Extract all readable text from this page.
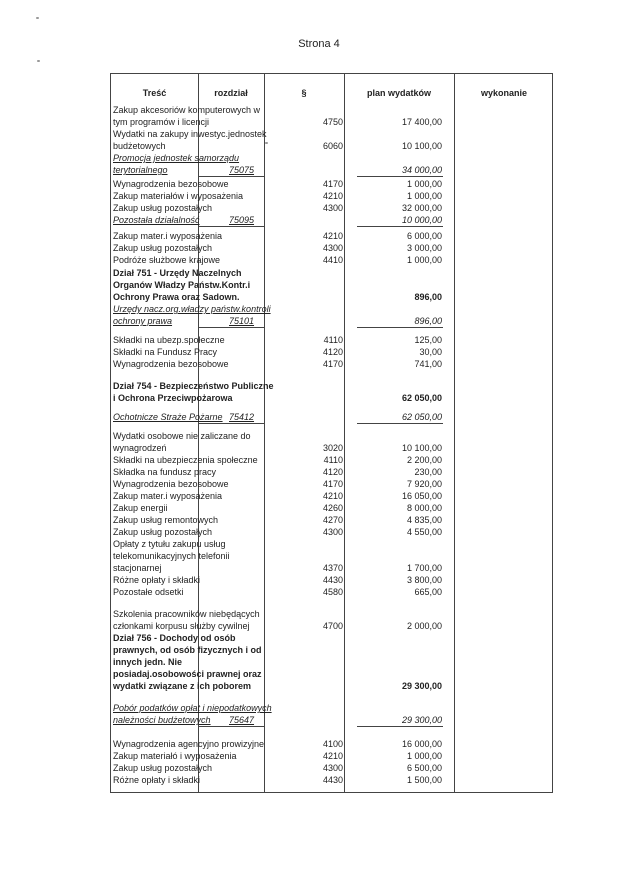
Strona 4
Treść	rozdział	§	plan wydatków	wykonanie
Zakup akcesoriów komputerowych w
tym programów i licencji	4750	17 400,00
Wydatki na zakupy inwestyc.jednostek
budżetowych	6060	10 100,00
Promocja jednostek samorządu
terytorialnego	75075	34 000,00
Wynagrodzenia bezosobowe	4170	1 000,00
Zakup materiałów i wyposażenia	4210	1 000,00
Zakup usług pozostałych	4300	32 000,00
Pozostała działalność	75095	10 000,00
Zakup mater.i wyposażenia	4210	6 000,00
Zakup usług pozostałych	4300	3 000,00
Podróże służbowe krajowe	4410	1 000,00
Dział 751 - Urzędy Naczelnych
Organów Władzy Państw.Kontr.i
Ochrony Prawa oraz Sadown.	896,00
Urzędy nacz.org.władzy państw.kontroli
ochrony prawa	75101	896,00
Składki na ubezp.społeczne	4110	125,00
Składki na Fundusz Pracy	4120	30,00
Wynagrodzenia bezosobowe	4170	741,00
Dział 754 - Bezpieczeństwo Publiczne
i Ochrona Przeciwpożarowa	62 050,00
Ochotnicze Straże Pożarne 75412	62 050,00
Wydatki osobowe nie zaliczane do
wynagrodzeń	3020	10 100,00
Składki na ubezpieczenia społeczne	4110	2 200,00
Składka na fundusz pracy	4120	230,00
Wynagrodzenia bezosobowe	4170	7 920,00
Zakup mater.i wyposażenia	4210	16 050,00
Zakup energii	4260	8 000,00
Zakup usług remontowych	4270	4 835,00
Zakup usług pozostałych	4300	4 550,00
Opłaty z tytułu zakupu usług
telekomunikacyjnych telefonii
stacjonarnej	4370	1 700,00
Różne opłaty i składki	4430	3 800,00
Pozostałe odsetki	4580	665,00
Szkolenia pracowników niebędących
członkami korpusu służby cywilnej	4700	2 000,00
Dział 756 - Dochody od osób
prawnych, od osób fizycznych i od
innych jedn. Nie
posiadaj.osobowości prawnej oraz
wydatki związane z ich poborem	29 300,00
Pobór podatków opłat i niepodatkowych
należności budżetowych	75647	29 300,00
Wynagrodzenia agencyjno prowizyjne	4100	16 000,00
Zakup materiałó i wyposażenia	4210	1 000,00
Zakup usług pozostałych	4300	6 500,00
Różne opłaty i składki	4430	1 500,00
